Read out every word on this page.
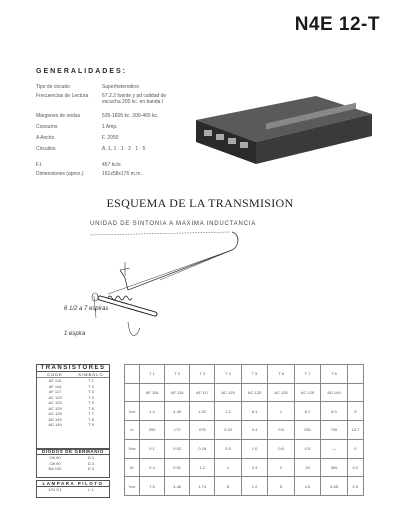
N4E 12-T
GENERALIDADES:
Tipo de circuito	Superheterodino
Frecuencias de Lectura	67.2.2 fuente y pd calidad de escucha 200 kc. en banda I
Márgenes de ondas	535-1605 kc. 200-465 kc.
Consumo	1 Amp.
A Ancho	F. 2050
Circuitos	A, 1, 1 · 1 · 2 · 1 · 5
F.I.	457 kc/s
Dimensiones (aprox.)	161x58x176 m.m.
ESQUEMA DE LA TRANSMISION
UNIDAD DE SINTONIA A MAXIMA INDUCTANCIA
6 1/2 a 7 espiras
1 espira
TRANSISTORES
CODE	SIMBOLO
AF 116	T 1
AF 116	T 2
AF 117	T 3
AC 125	T 4
AC 125	T 5
AC 125	T 6
AC 125	T 7
AD 149	T 8
AD 149	T 9
DIODOS DE GERMANIO
OA 90	D 1
OA 90	D 2
BA 100	D 3
LAMPARA PILOTO
12V 0.1	L 1
	T 1	T 2	T 3	T 4	T 5	T 6	T 7	T 8	
	AF 116	AF 116	AF 117	AC 125	AC 125	AC 125	AC 125	AD 149	
Vce	1.2	4.45	4.02	1.2	8.1	1	8.1	8.3	9
Ic	200	172	075	0.33	3.4	0.8	250	700	13.7
Vbe	0.1	0.03	0.18	0.5	1.0	0.8	0.5	—	0
Ib	2.4	0.01	1.2	1	0.3	2	15	300	0.2
Vce	7.5	4.45	1.74	8	1.2	5	4.5	4.58	0.5
